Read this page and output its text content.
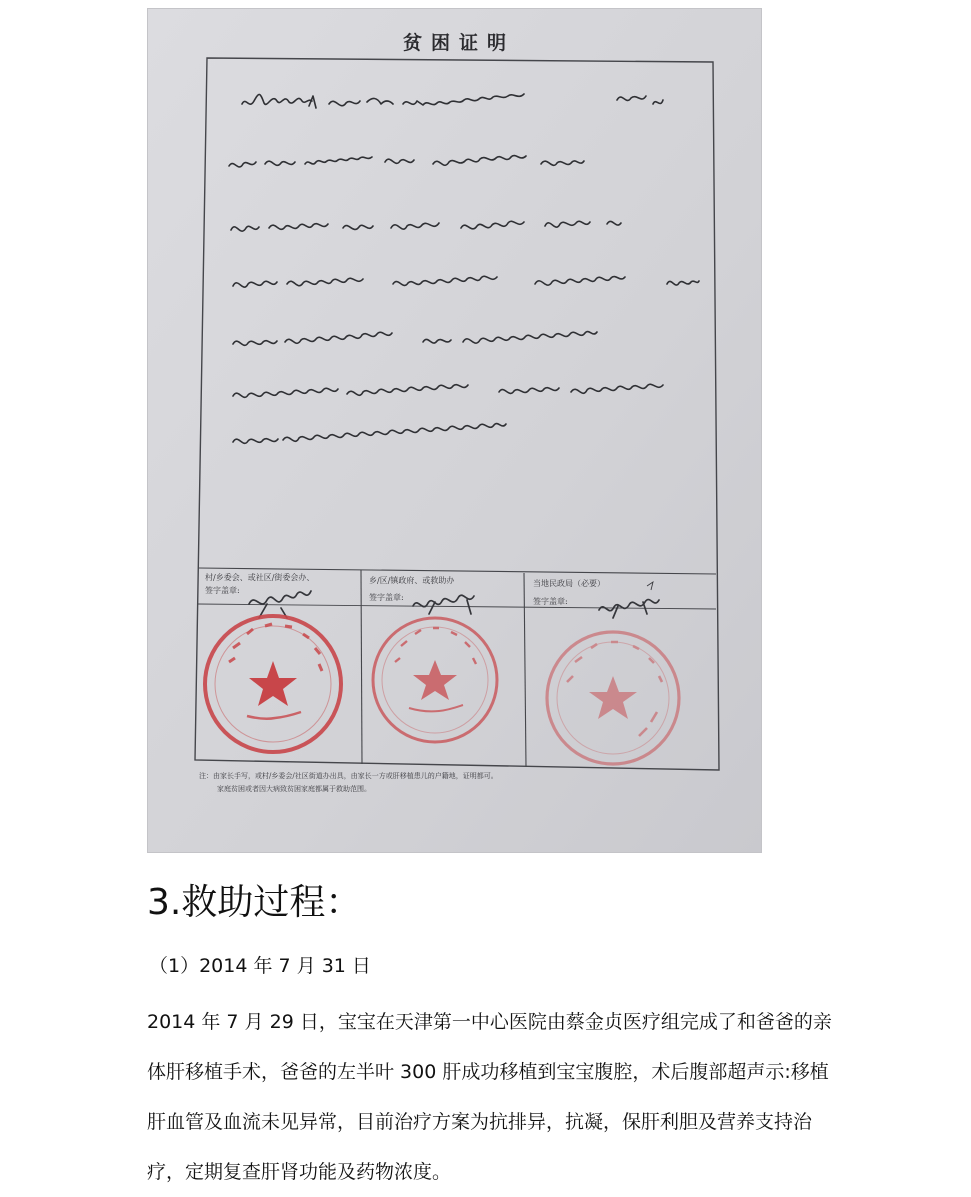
贫困证明
村/乡委会、或社区/街委会办、
签字盖章:
乡/区/镇政府、或救助办
签字盖章:
当地民政局（必要）
签字盖章:
注：由家长手写，或村/乡委会/社区街道办出具，由家长一方或肝移植患儿的户籍地，证明都可。
家庭贫困或者因大病致贫困家庭都属于救助范围。
3.救助过程：

（1）2014 年 7 月 31 日

2014 年 7 月 29 日，宝宝在天津第一中心医院由蔡金贞医疗组完成了和爸爸的亲体肝移植手术，爸爸的左半叶 300 肝成功移植到宝宝腹腔，术后腹部超声示:移植肝血管及血流未见异常，目前治疗方案为抗排异，抗凝，保肝利胆及营养支持治疗，定期复查肝肾功能及药物浓度。
